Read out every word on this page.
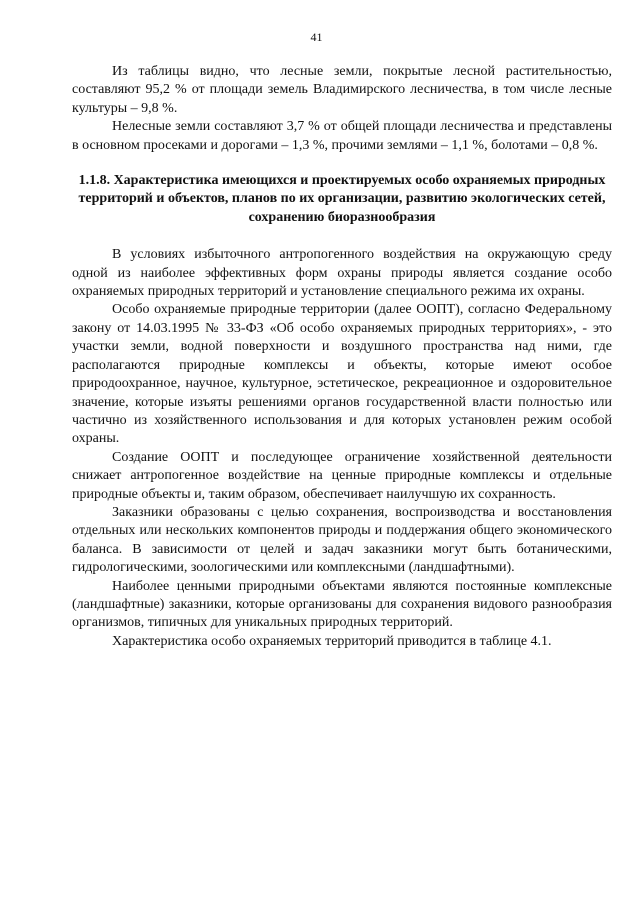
41

Из таблицы видно, что лесные земли, покрытые лесной растительностью, составляют 95,2 % от площади земель Владимирского лесничества, в том числе лесные культуры – 9,8 %.

Нелесные земли составляют 3,7 % от общей площади лесничества и представлены в основном просеками и дорогами – 1,3 %, прочими землями – 1,1 %, болотами – 0,8 %.

1.1.8. Характеристика имеющихся и проектируемых особо охраняемых природных территорий и объектов, планов по их организации, развитию экологических сетей, сохранению биоразнообразия

В условиях избыточного антропогенного воздействия на окружающую среду одной из наиболее эффективных форм охраны природы является создание особо охраняемых природных территорий и установление специального режима их охраны.

Особо охраняемые природные территории (далее ООПТ), согласно Федеральному закону от 14.03.1995 № 33-ФЗ «Об особо охраняемых природных территориях», - это участки земли, водной поверхности и воздушного пространства над ними, где располагаются природные комплексы и объекты, которые имеют особое природоохранное, научное, культурное, эстетическое, рекреационное и оздоровительное значение, которые изъяты решениями органов государственной власти полностью или частично из хозяйственного использования и для которых установлен режим особой охраны.

Создание ООПТ и последующее ограничение хозяйственной деятельности снижает антропогенное воздействие на ценные природные комплексы и отдельные природные объекты и, таким образом, обеспечивает наилучшую их сохранность.

Заказники образованы с целью сохранения, воспроизводства и восстановления отдельных или нескольких компонентов природы и поддержания общего экономического баланса. В зависимости от целей и задач заказники могут быть ботаническими, гидрологическими, зоологическими или комплексными (ландшафтными).

Наиболее ценными природными объектами являются постоянные комплексные (ландшафтные) заказники, которые организованы для сохранения видового разнообразия организмов, типичных для уникальных природных территорий.

Характеристика особо охраняемых территорий приводится в таблице 4.1.
